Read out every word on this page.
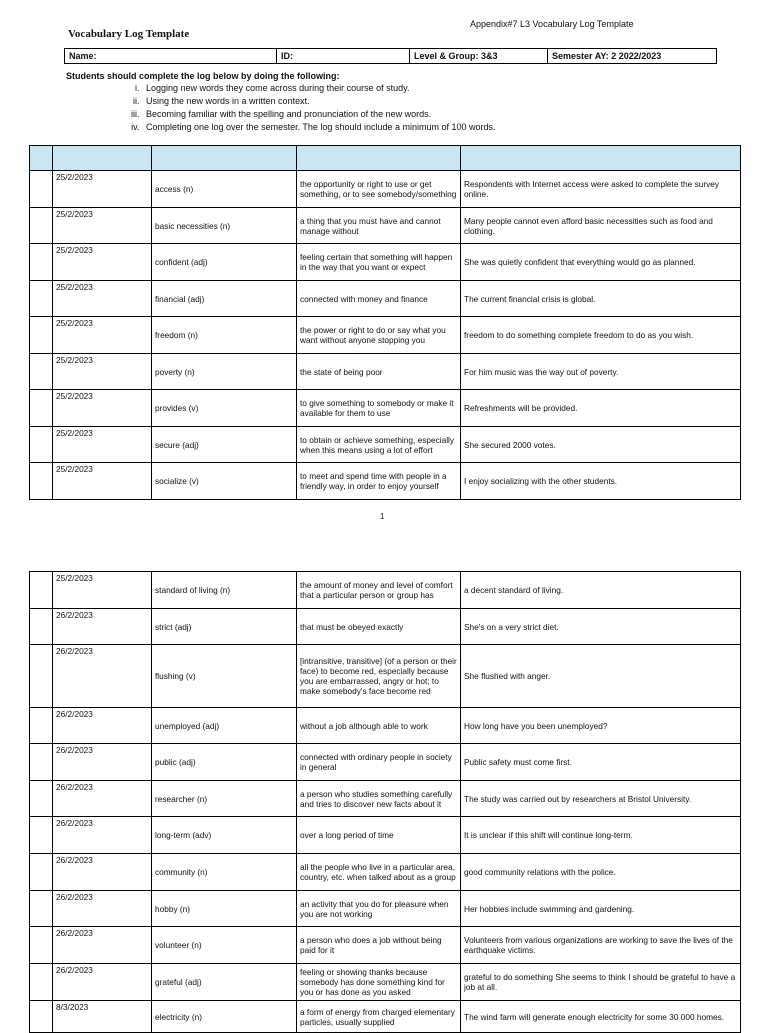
Appendix#7 L3 Vocabulary Log Template
Vocabulary Log Template
Name:	ID:	Level & Group: 3&3	Semester AY: 2 2022/2023
Students should complete the log below by doing the following:
i. Logging new words they come across during their course of study.
ii. Using the new words in a written context.
iii. Becoming familiar with the spelling and pronunciation of the new words.
iv. Completing one log over the semester. The log should include a minimum of 100 words.

	25/2/2023	access (n)	the opportunity or right to use or get something, or to see somebody/something	Respondents with Internet access were asked to complete the survey online.
	25/2/2023	basic necessities (n)	a thing that you must have and cannot manage without	Many people cannot even afford basic necessities such as food and clothing.
	25/2/2023	confident (adj)	feeling certain that something will happen in the way that you want or expect	She was quietly confident that everything would go as planned.
	25/2/2023	financial (adj)	connected with money and finance	The current financial crisis is global.
	25/2/2023	freedom (n)	the power or right to do or say what you want without anyone stopping you	freedom to do something complete freedom to do as you wish.
	25/2/2023	poverty (n)	the state of being poor	For him music was the way out of poverty.
	25/2/2023	provides (v)	to give something to somebody or make it available for them to use	Refreshments will be provided.
	25/2/2023	secure (adj)	to obtain or achieve something, especially when this means using a lot of effort	She secured 2000 votes.
	25/2/2023	socialize (v)	to meet and spend time with people in a friendly way, in order to enjoy yourself	I enjoy socializing with the other students.
1
	25/2/2023	standard of living (n)	the amount of money and level of comfort that a particular person or group has	a decent standard of living.
	26/2/2023	strict (adj)	that must be obeyed exactly	She's on a very strict diet.
	26/2/2023	flushing (v)	[intransitive, transitive] (of a person or their face) to become red, especially because you are embarrassed, angry or hot; to make somebody's face become red	She flushed with anger.
	26/2/2023	unemployed (adj)	without a job although able to work	How long have you been unemployed?
	26/2/2023	public (adj)	connected with ordinary people in society in general	Public safety must come first.
	26/2/2023	researcher (n)	a person who studies something carefully and tries to discover new facts about it	The study was carried out by researchers at Bristol University.
	26/2/2023	long-term (adv)	over a long period of time	It is unclear if this shift will continue long-term.
	26/2/2023	community (n)	all the people who live in a particular area, country, etc. when talked about as a group	good community relations with the police.
	26/2/2023	hobby (n)	an activity that you do for pleasure when you are not working	Her hobbies include swimming and gardening.
	26/2/2023	volunteer (n)	a person who does a job without being paid for it	Volunteers from various organizations are working to save the lives of the earthquake victims.
	26/2/2023	grateful (adj)	feeling or showing thanks because somebody has done something kind for you or has done as you asked	grateful to do something She seems to think I should be grateful to have a job at all.
	8/3/2023	electricity (n)	a form of energy from charged elementary particles, usually supplied	The wind farm will generate enough electricity for some 30 000 homes.
